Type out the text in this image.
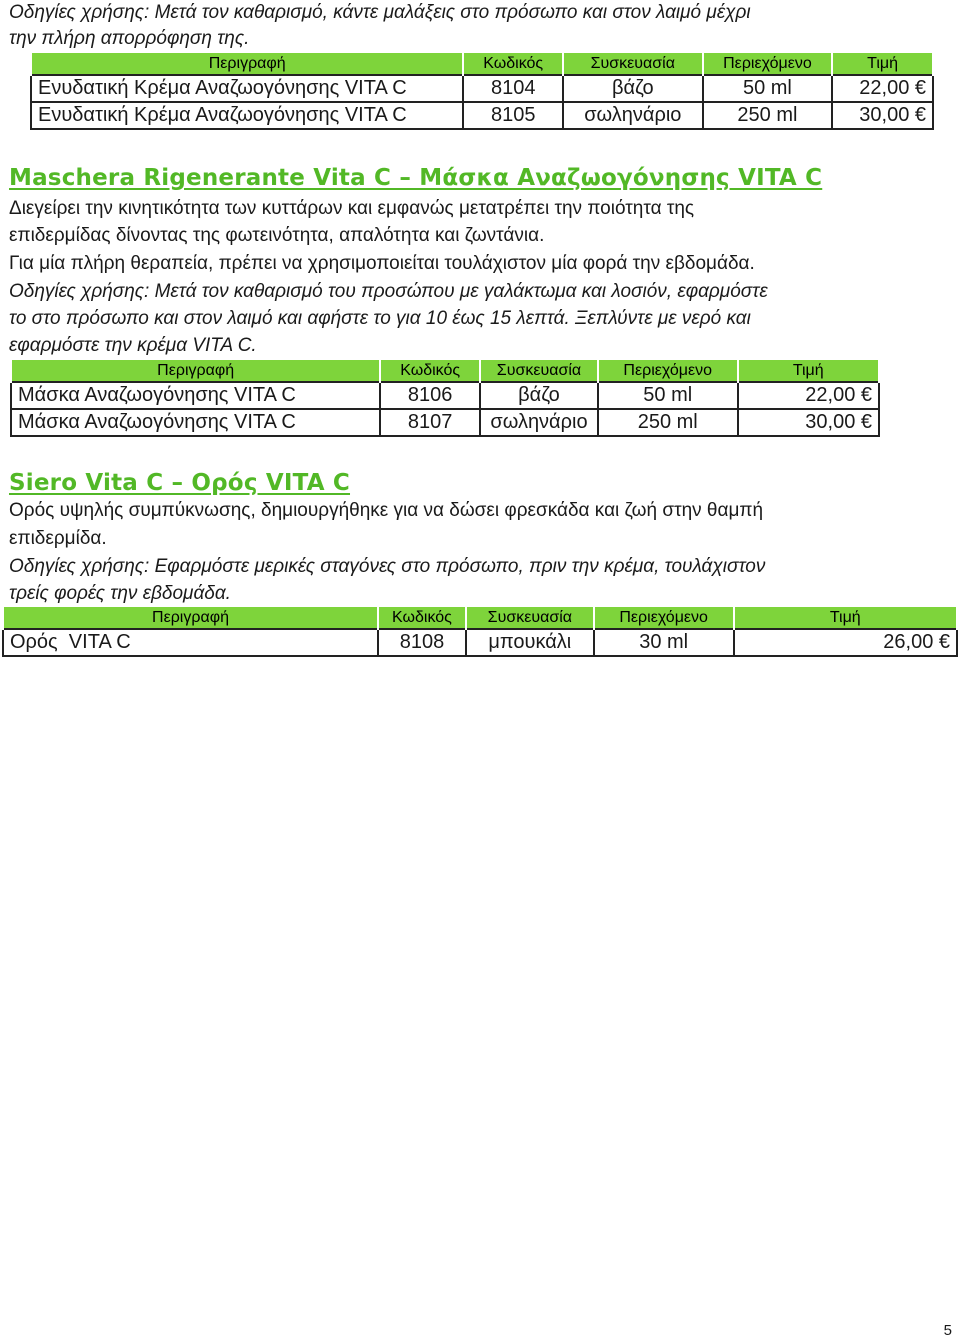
Οδηγίες χρήσης: Μετά τον καθαρισμό, κάντε μαλάξεις στο πρόσωπο και στον λαιμό μέχρι

την πλήρη απορρόφηση της.

Περιγραφή	Κωδικός	Συσκευασία	Περιεχόμενο	Τιμή
Ενυδατική Κρέμα Αναζωογόνησης VITA C	8104	βάζο	50 ml	22,00 €
Ενυδατική Κρέμα Αναζωογόνησης VITA C	8105	σωληνάριο	250 ml	30,00 €
Maschera Rigenerante Vita C – Μάσκα Αναζωογόνησης VITA C

Διεγείρει την κινητικότητα των κυττάρων και εμφανώς μετατρέπει την ποιότητα της

επιδερμίδας δίνοντας της φωτεινότητα, απαλότητα και ζωντάνια.

Για μία πλήρη θεραπεία, πρέπει να χρησιμοποιείται τουλάχιστον μία φορά την εβδομάδα.

Οδηγίες χρήσης: Μετά τον καθαρισμό του προσώπου με γαλάκτωμα και λοσιόν, εφαρμόστε

το στο πρόσωπο και στον λαιμό και αφήστε το για 10 έως 15 λεπτά. Ξεπλύντε με νερό και

εφαρμόστε την κρέμα VITA C.

Περιγραφή	Κωδικός	Συσκευασία	Περιεχόμενο	Τιμή
Μάσκα Αναζωογόνησης VITA C	8106	βάζο	50 ml	22,00 €
Μάσκα Αναζωογόνησης VITA C	8107	σωληνάριο	250 ml	30,00 €
Siero Vita C – Ορός VITA C

Ορός υψηλής συμπύκνωσης, δημιουργήθηκε για να δώσει φρεσκάδα και ζωή στην θαμπή

επιδερμίδα.

Οδηγίες χρήσης: Εφαρμόστε μερικές σταγόνες στο πρόσωπο, πριν την κρέμα, τουλάχιστον

τρείς φορές την εβδομάδα.

Περιγραφή	Κωδικός	Συσκευασία	Περιεχόμενο	Τιμή
Ορός  VITA C	8108	μπουκάλι	30 ml	26,00 €

5
